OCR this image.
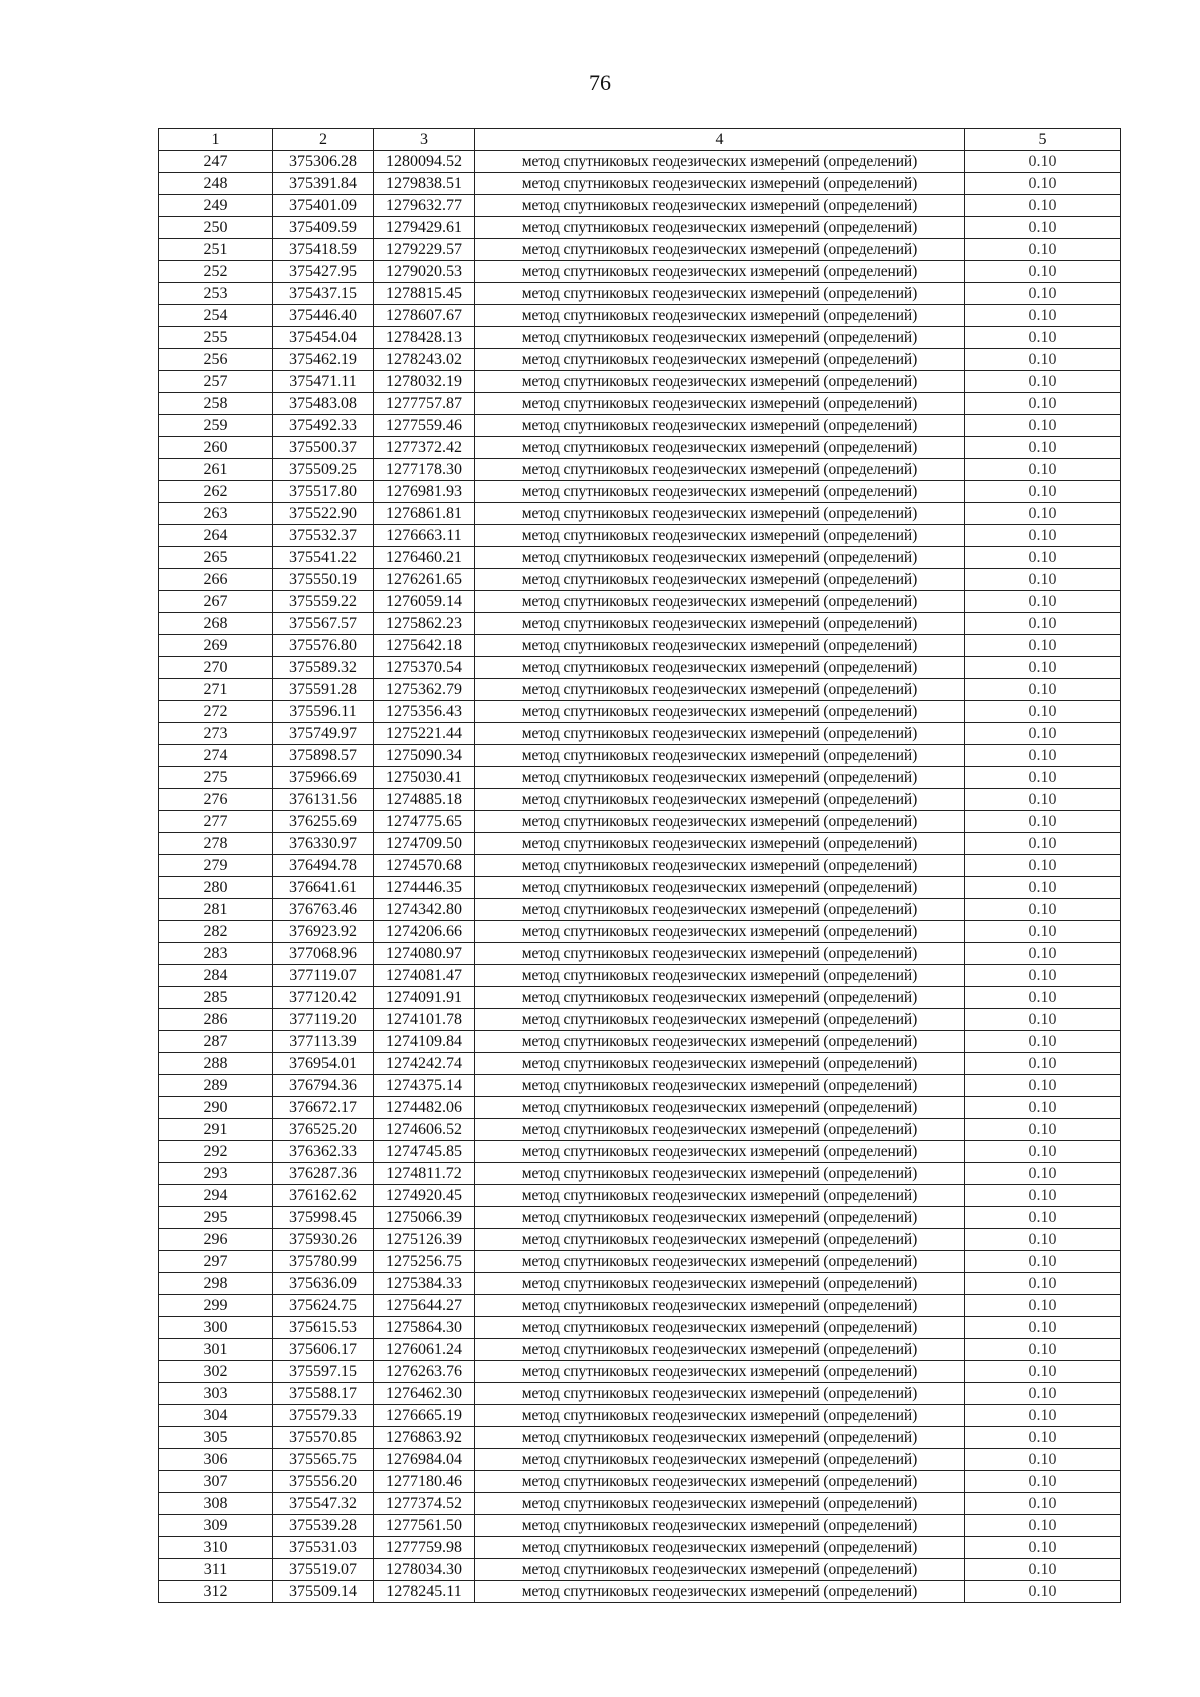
76
1	2	3	4	5
247	375306.28	1280094.52	метод спутниковых геодезических измерений (определений)	0.10
248	375391.84	1279838.51	метод спутниковых геодезических измерений (определений)	0.10
249	375401.09	1279632.77	метод спутниковых геодезических измерений (определений)	0.10
250	375409.59	1279429.61	метод спутниковых геодезических измерений (определений)	0.10
251	375418.59	1279229.57	метод спутниковых геодезических измерений (определений)	0.10
252	375427.95	1279020.53	метод спутниковых геодезических измерений (определений)	0.10
253	375437.15	1278815.45	метод спутниковых геодезических измерений (определений)	0.10
254	375446.40	1278607.67	метод спутниковых геодезических измерений (определений)	0.10
255	375454.04	1278428.13	метод спутниковых геодезических измерений (определений)	0.10
256	375462.19	1278243.02	метод спутниковых геодезических измерений (определений)	0.10
257	375471.11	1278032.19	метод спутниковых геодезических измерений (определений)	0.10
258	375483.08	1277757.87	метод спутниковых геодезических измерений (определений)	0.10
259	375492.33	1277559.46	метод спутниковых геодезических измерений (определений)	0.10
260	375500.37	1277372.42	метод спутниковых геодезических измерений (определений)	0.10
261	375509.25	1277178.30	метод спутниковых геодезических измерений (определений)	0.10
262	375517.80	1276981.93	метод спутниковых геодезических измерений (определений)	0.10
263	375522.90	1276861.81	метод спутниковых геодезических измерений (определений)	0.10
264	375532.37	1276663.11	метод спутниковых геодезических измерений (определений)	0.10
265	375541.22	1276460.21	метод спутниковых геодезических измерений (определений)	0.10
266	375550.19	1276261.65	метод спутниковых геодезических измерений (определений)	0.10
267	375559.22	1276059.14	метод спутниковых геодезических измерений (определений)	0.10
268	375567.57	1275862.23	метод спутниковых геодезических измерений (определений)	0.10
269	375576.80	1275642.18	метод спутниковых геодезических измерений (определений)	0.10
270	375589.32	1275370.54	метод спутниковых геодезических измерений (определений)	0.10
271	375591.28	1275362.79	метод спутниковых геодезических измерений (определений)	0.10
272	375596.11	1275356.43	метод спутниковых геодезических измерений (определений)	0.10
273	375749.97	1275221.44	метод спутниковых геодезических измерений (определений)	0.10
274	375898.57	1275090.34	метод спутниковых геодезических измерений (определений)	0.10
275	375966.69	1275030.41	метод спутниковых геодезических измерений (определений)	0.10
276	376131.56	1274885.18	метод спутниковых геодезических измерений (определений)	0.10
277	376255.69	1274775.65	метод спутниковых геодезических измерений (определений)	0.10
278	376330.97	1274709.50	метод спутниковых геодезических измерений (определений)	0.10
279	376494.78	1274570.68	метод спутниковых геодезических измерений (определений)	0.10
280	376641.61	1274446.35	метод спутниковых геодезических измерений (определений)	0.10
281	376763.46	1274342.80	метод спутниковых геодезических измерений (определений)	0.10
282	376923.92	1274206.66	метод спутниковых геодезических измерений (определений)	0.10
283	377068.96	1274080.97	метод спутниковых геодезических измерений (определений)	0.10
284	377119.07	1274081.47	метод спутниковых геодезических измерений (определений)	0.10
285	377120.42	1274091.91	метод спутниковых геодезических измерений (определений)	0.10
286	377119.20	1274101.78	метод спутниковых геодезических измерений (определений)	0.10
287	377113.39	1274109.84	метод спутниковых геодезических измерений (определений)	0.10
288	376954.01	1274242.74	метод спутниковых геодезических измерений (определений)	0.10
289	376794.36	1274375.14	метод спутниковых геодезических измерений (определений)	0.10
290	376672.17	1274482.06	метод спутниковых геодезических измерений (определений)	0.10
291	376525.20	1274606.52	метод спутниковых геодезических измерений (определений)	0.10
292	376362.33	1274745.85	метод спутниковых геодезических измерений (определений)	0.10
293	376287.36	1274811.72	метод спутниковых геодезических измерений (определений)	0.10
294	376162.62	1274920.45	метод спутниковых геодезических измерений (определений)	0.10
295	375998.45	1275066.39	метод спутниковых геодезических измерений (определений)	0.10
296	375930.26	1275126.39	метод спутниковых геодезических измерений (определений)	0.10
297	375780.99	1275256.75	метод спутниковых геодезических измерений (определений)	0.10
298	375636.09	1275384.33	метод спутниковых геодезических измерений (определений)	0.10
299	375624.75	1275644.27	метод спутниковых геодезических измерений (определений)	0.10
300	375615.53	1275864.30	метод спутниковых геодезических измерений (определений)	0.10
301	375606.17	1276061.24	метод спутниковых геодезических измерений (определений)	0.10
302	375597.15	1276263.76	метод спутниковых геодезических измерений (определений)	0.10
303	375588.17	1276462.30	метод спутниковых геодезических измерений (определений)	0.10
304	375579.33	1276665.19	метод спутниковых геодезических измерений (определений)	0.10
305	375570.85	1276863.92	метод спутниковых геодезических измерений (определений)	0.10
306	375565.75	1276984.04	метод спутниковых геодезических измерений (определений)	0.10
307	375556.20	1277180.46	метод спутниковых геодезических измерений (определений)	0.10
308	375547.32	1277374.52	метод спутниковых геодезических измерений (определений)	0.10
309	375539.28	1277561.50	метод спутниковых геодезических измерений (определений)	0.10
310	375531.03	1277759.98	метод спутниковых геодезических измерений (определений)	0.10
311	375519.07	1278034.30	метод спутниковых геодезических измерений (определений)	0.10
312	375509.14	1278245.11	метод спутниковых геодезических измерений (определений)	0.10
